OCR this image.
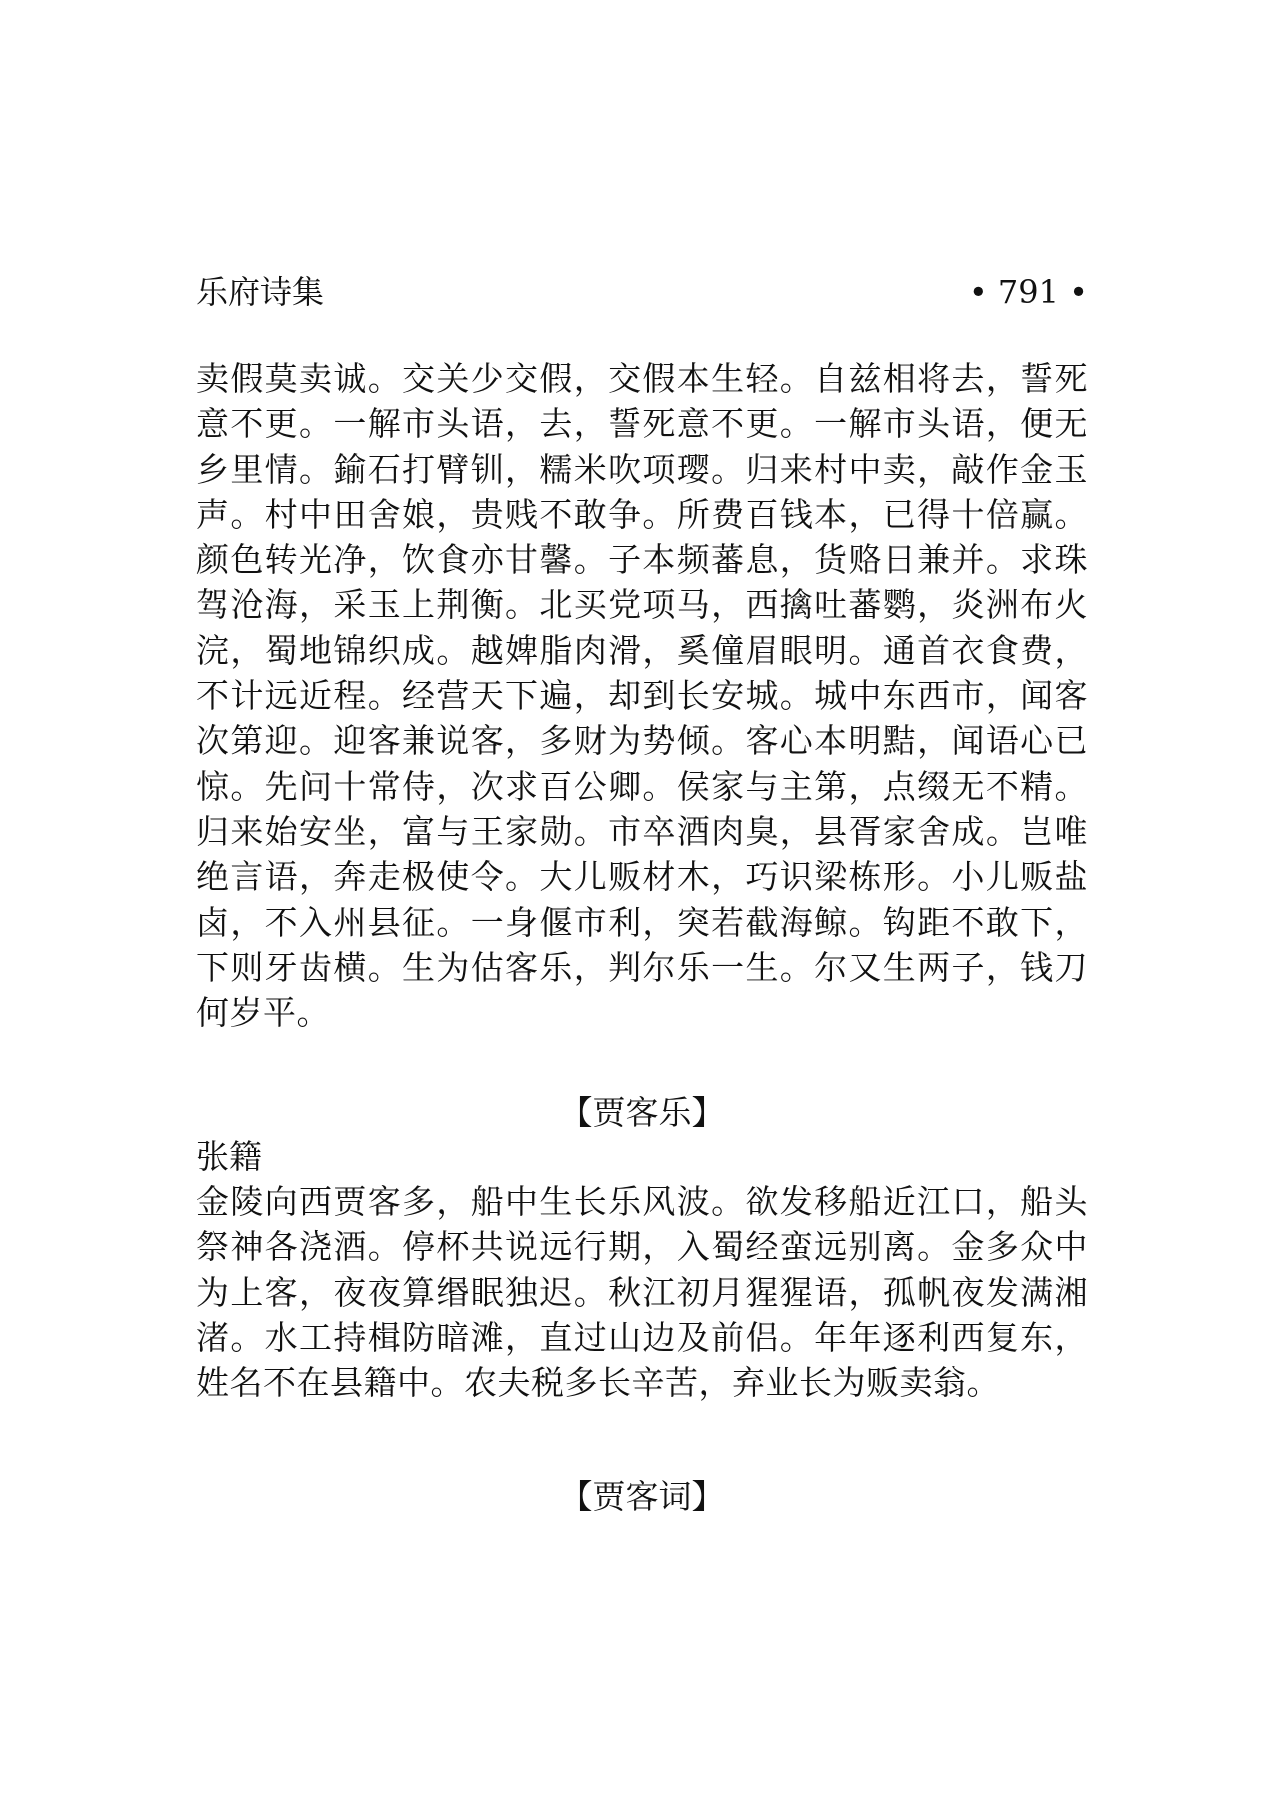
乐府诗集	• 791 •
卖假莫卖诚。交关少交假，交假本生轻。自兹相将去，誓死意不更。一解市头语，去，誓死意不更。一解市头语，便无乡里情。鍮石打臂钏，糯米吹项璎。归来村中卖，敲作金玉声。村中田舍娘，贵贱不敢争。所费百钱本，已得十倍赢。颜色转光净，饮食亦甘馨。子本频蕃息，货赂日兼并。求珠驾沧海，采玉上荆衡。北买党项马，西擒吐蕃鹦，炎洲布火浣，蜀地锦织成。越婢脂肉滑，奚僮眉眼明。通首衣食费，不计远近程。经营天下遍，却到长安城。城中东西市，闻客次第迎。迎客兼说客，多财为势倾。客心本明黠，闻语心已惊。先问十常侍，次求百公卿。侯家与主第，点缀无不精。归来始安坐，富与王家勋。市卒酒肉臭，县胥家舍成。岂唯绝言语，奔走极使令。大儿贩材木，巧识梁栋形。小儿贩盐卤，不入州县征。一身偃市利，突若截海鲸。钩距不敢下，下则牙齿横。生为估客乐，判尔乐一生。尔又生两子，钱刀何岁平。
【贾客乐】
张籍
金陵向西贾客多，船中生长乐风波。欲发移船近江口，船头祭神各浇酒。停杯共说远行期，入蜀经蛮远别离。金多众中为上客，夜夜算缗眠独迟。秋江初月猩猩语，孤帆夜发满湘渚。水工持楫防暗滩，直过山边及前侣。年年逐利西复东，姓名不在县籍中。农夫税多长辛苦，弃业长为贩卖翁。
【贾客词】
